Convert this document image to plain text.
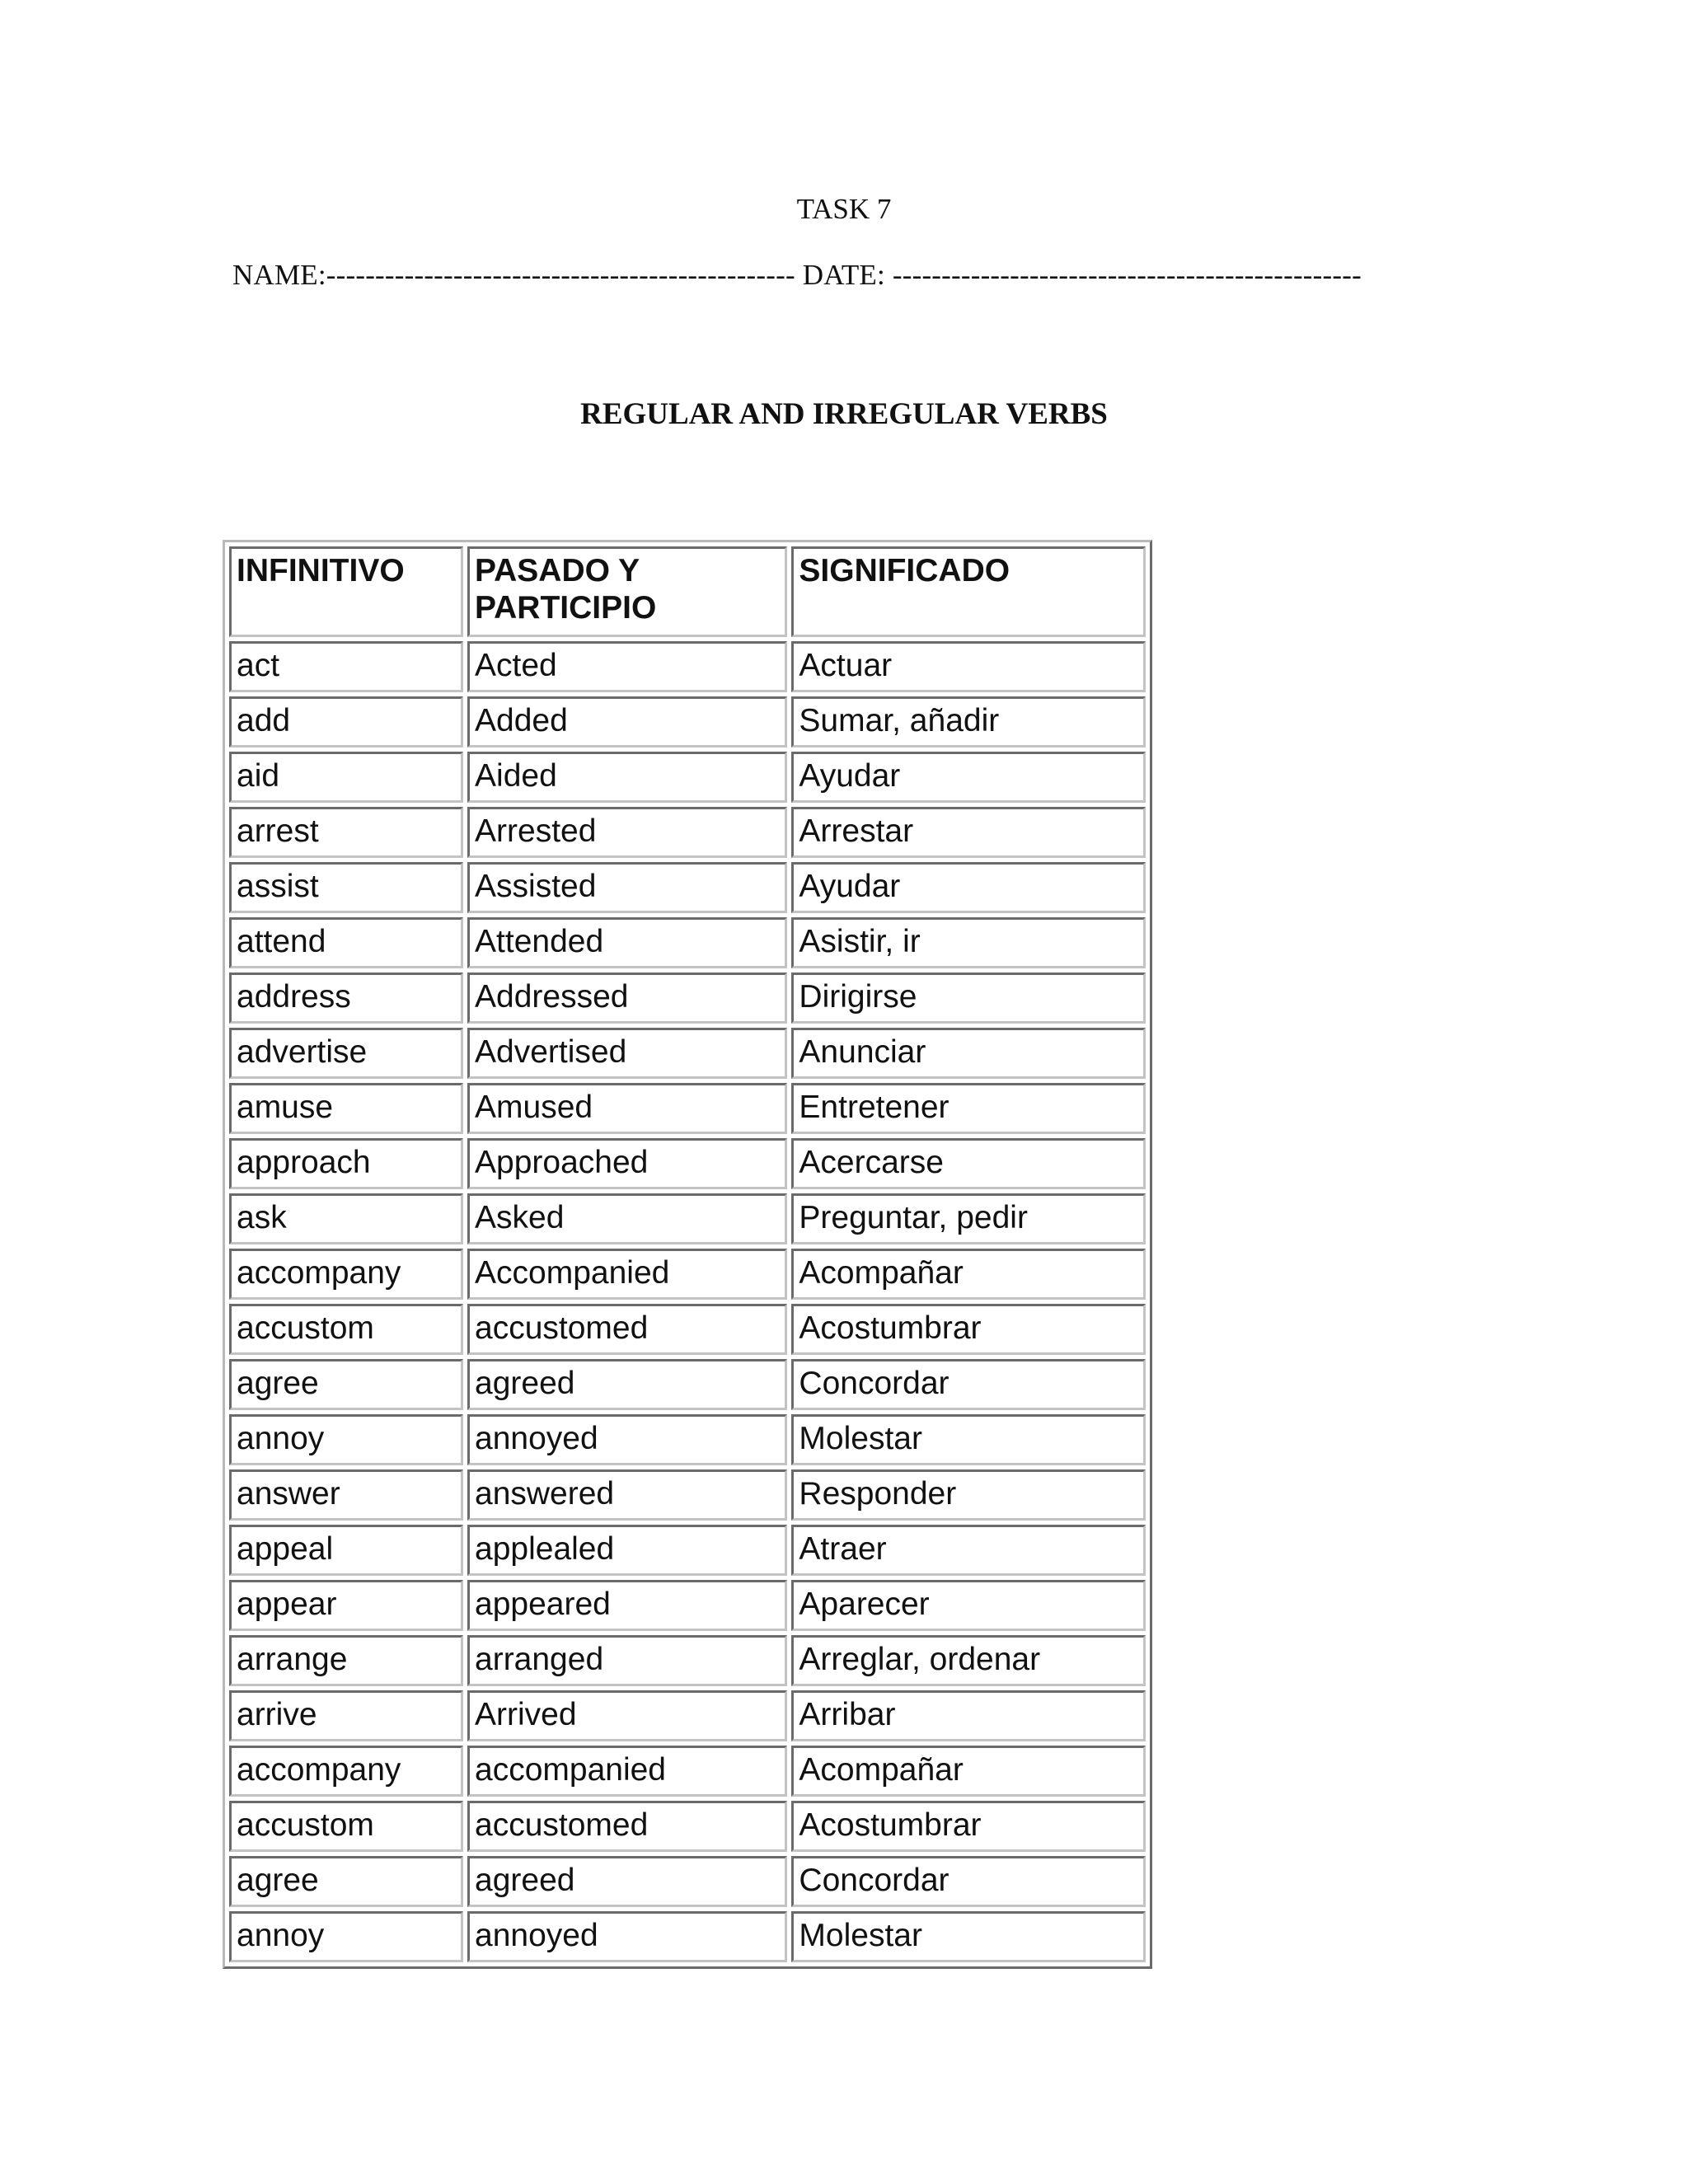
TASK 7
NAME:------------------------------------------------ DATE: ------------------------------------------------
REGULAR AND IRREGULAR VERBS
INFINITIVO	PASADO Y PARTICIPIO	SIGNIFICADO
act	Acted	Actuar
add	Added	Sumar, añadir
aid	Aided	Ayudar
arrest	Arrested	Arrestar
assist	Assisted	Ayudar
attend	Attended	Asistir, ir
address	Addressed	Dirigirse
advertise	Advertised	Anunciar
amuse	Amused	Entretener
approach	Approached	Acercarse
ask	Asked	Preguntar, pedir
accompany	Accompanied	Acompañar
accustom	accustomed	Acostumbrar
agree	agreed	Concordar
annoy	annoyed	Molestar
answer	answered	Responder
appeal	applealed	Atraer
appear	appeared	Aparecer
arrange	arranged	Arreglar, ordenar
arrive	Arrived	Arribar
accompany	accompanied	Acompañar
accustom	accustomed	Acostumbrar
agree	agreed	Concordar
annoy	annoyed	Molestar
